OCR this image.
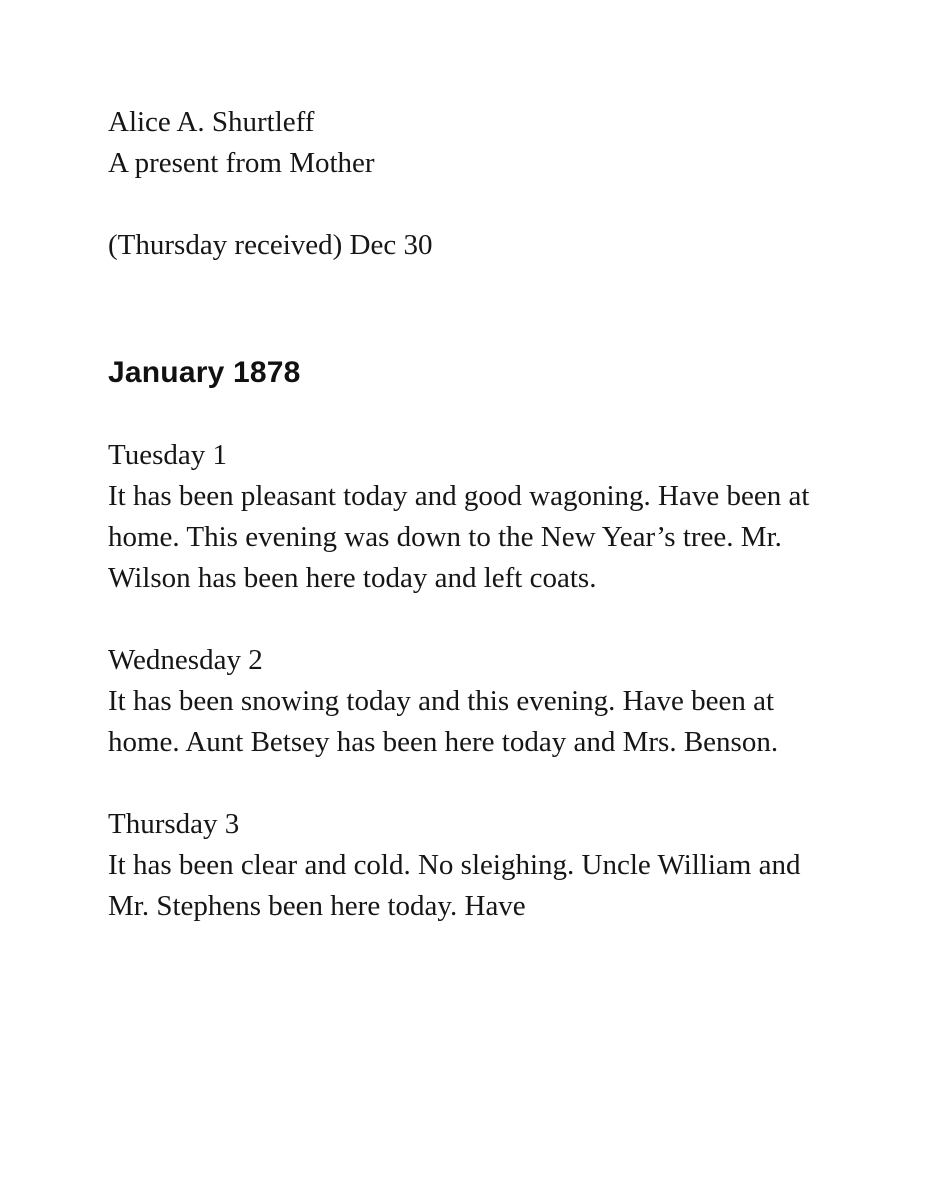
Alice A. Shurtleff

A present from Mother

(Thursday received) Dec 30

January 1878

Tuesday 1

It has been pleasant today and good wagoning. Have been at home. This evening was down to the New Year’s tree. Mr. Wilson has been here today and left coats.

Wednesday 2

It has been snowing today and this evening. Have been at home. Aunt Betsey has been here today and Mrs. Benson.

Thursday 3

It has been clear and cold. No sleighing. Uncle William and Mr. Stephens been here today. Have
